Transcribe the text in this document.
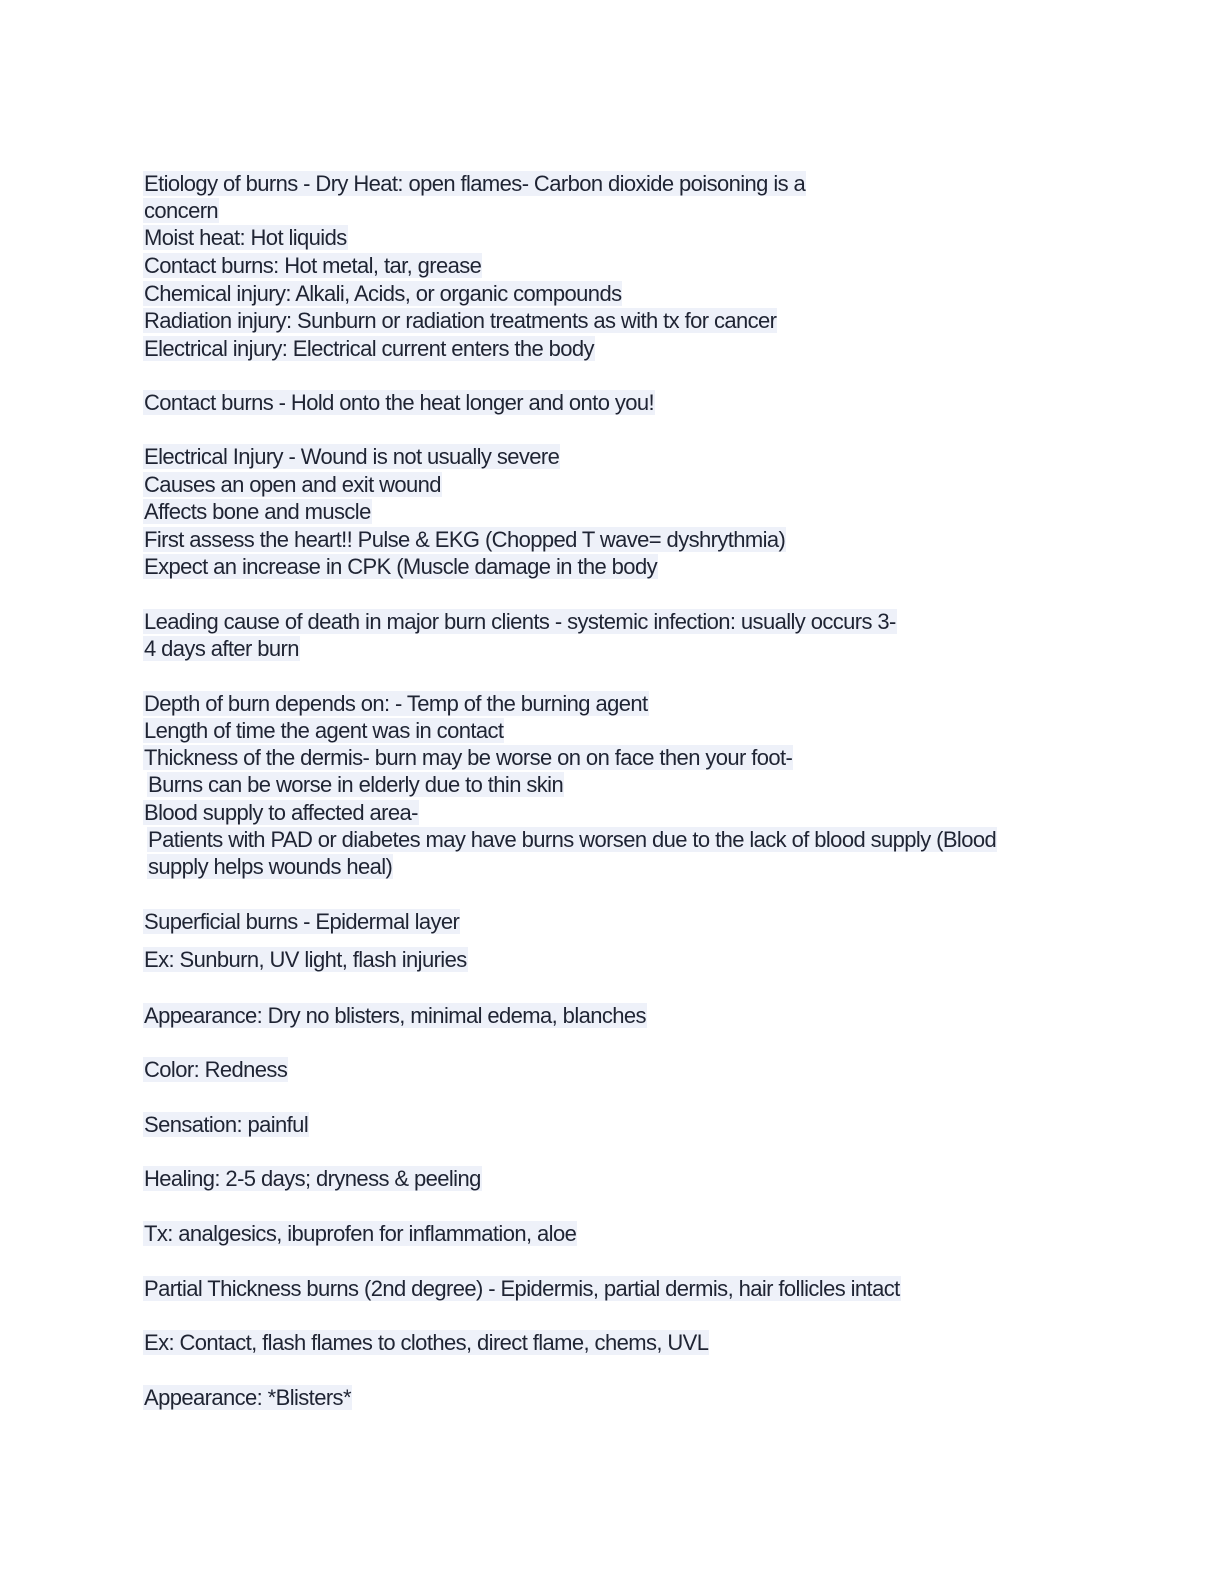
Etiology of burns - Dry Heat: open flames- Carbon dioxide poisoning is a
concern
Moist heat: Hot liquids
Contact burns: Hot metal, tar, grease
Chemical injury: Alkali, Acids, or organic compounds
Radiation injury: Sunburn or radiation treatments as with tx for cancer
Electrical injury: Electrical current enters the body
Contact burns - Hold onto the heat longer and onto you!
Electrical Injury - Wound is not usually severe
Causes an open and exit wound
Affects bone and muscle
First assess the heart!! Pulse & EKG (Chopped T wave= dyshrythmia)
Expect an increase in CPK (Muscle damage in the body
Leading cause of death in major burn clients - systemic infection: usually occurs 3-
4 days after burn
Depth of burn depends on: - Temp of the burning agent
Length of time the agent was in contact
Thickness of the dermis- burn may be worse on on face then your foot-
Burns can be worse in elderly due to thin skin
Blood supply to affected area-
Patients with PAD or diabetes may have burns worsen due to the lack of blood supply (Blood
supply helps wounds heal)
Superficial burns - Epidermal layer
Ex: Sunburn, UV light, flash injuries
Appearance: Dry no blisters, minimal edema, blanches
Color: Redness
Sensation: painful
Healing: 2-5 days; dryness & peeling
Tx: analgesics, ibuprofen for inflammation, aloe
Partial Thickness burns (2nd degree) - Epidermis, partial dermis, hair follicles intact
Ex: Contact, flash flames to clothes, direct flame, chems, UVL
Appearance: *Blisters*
